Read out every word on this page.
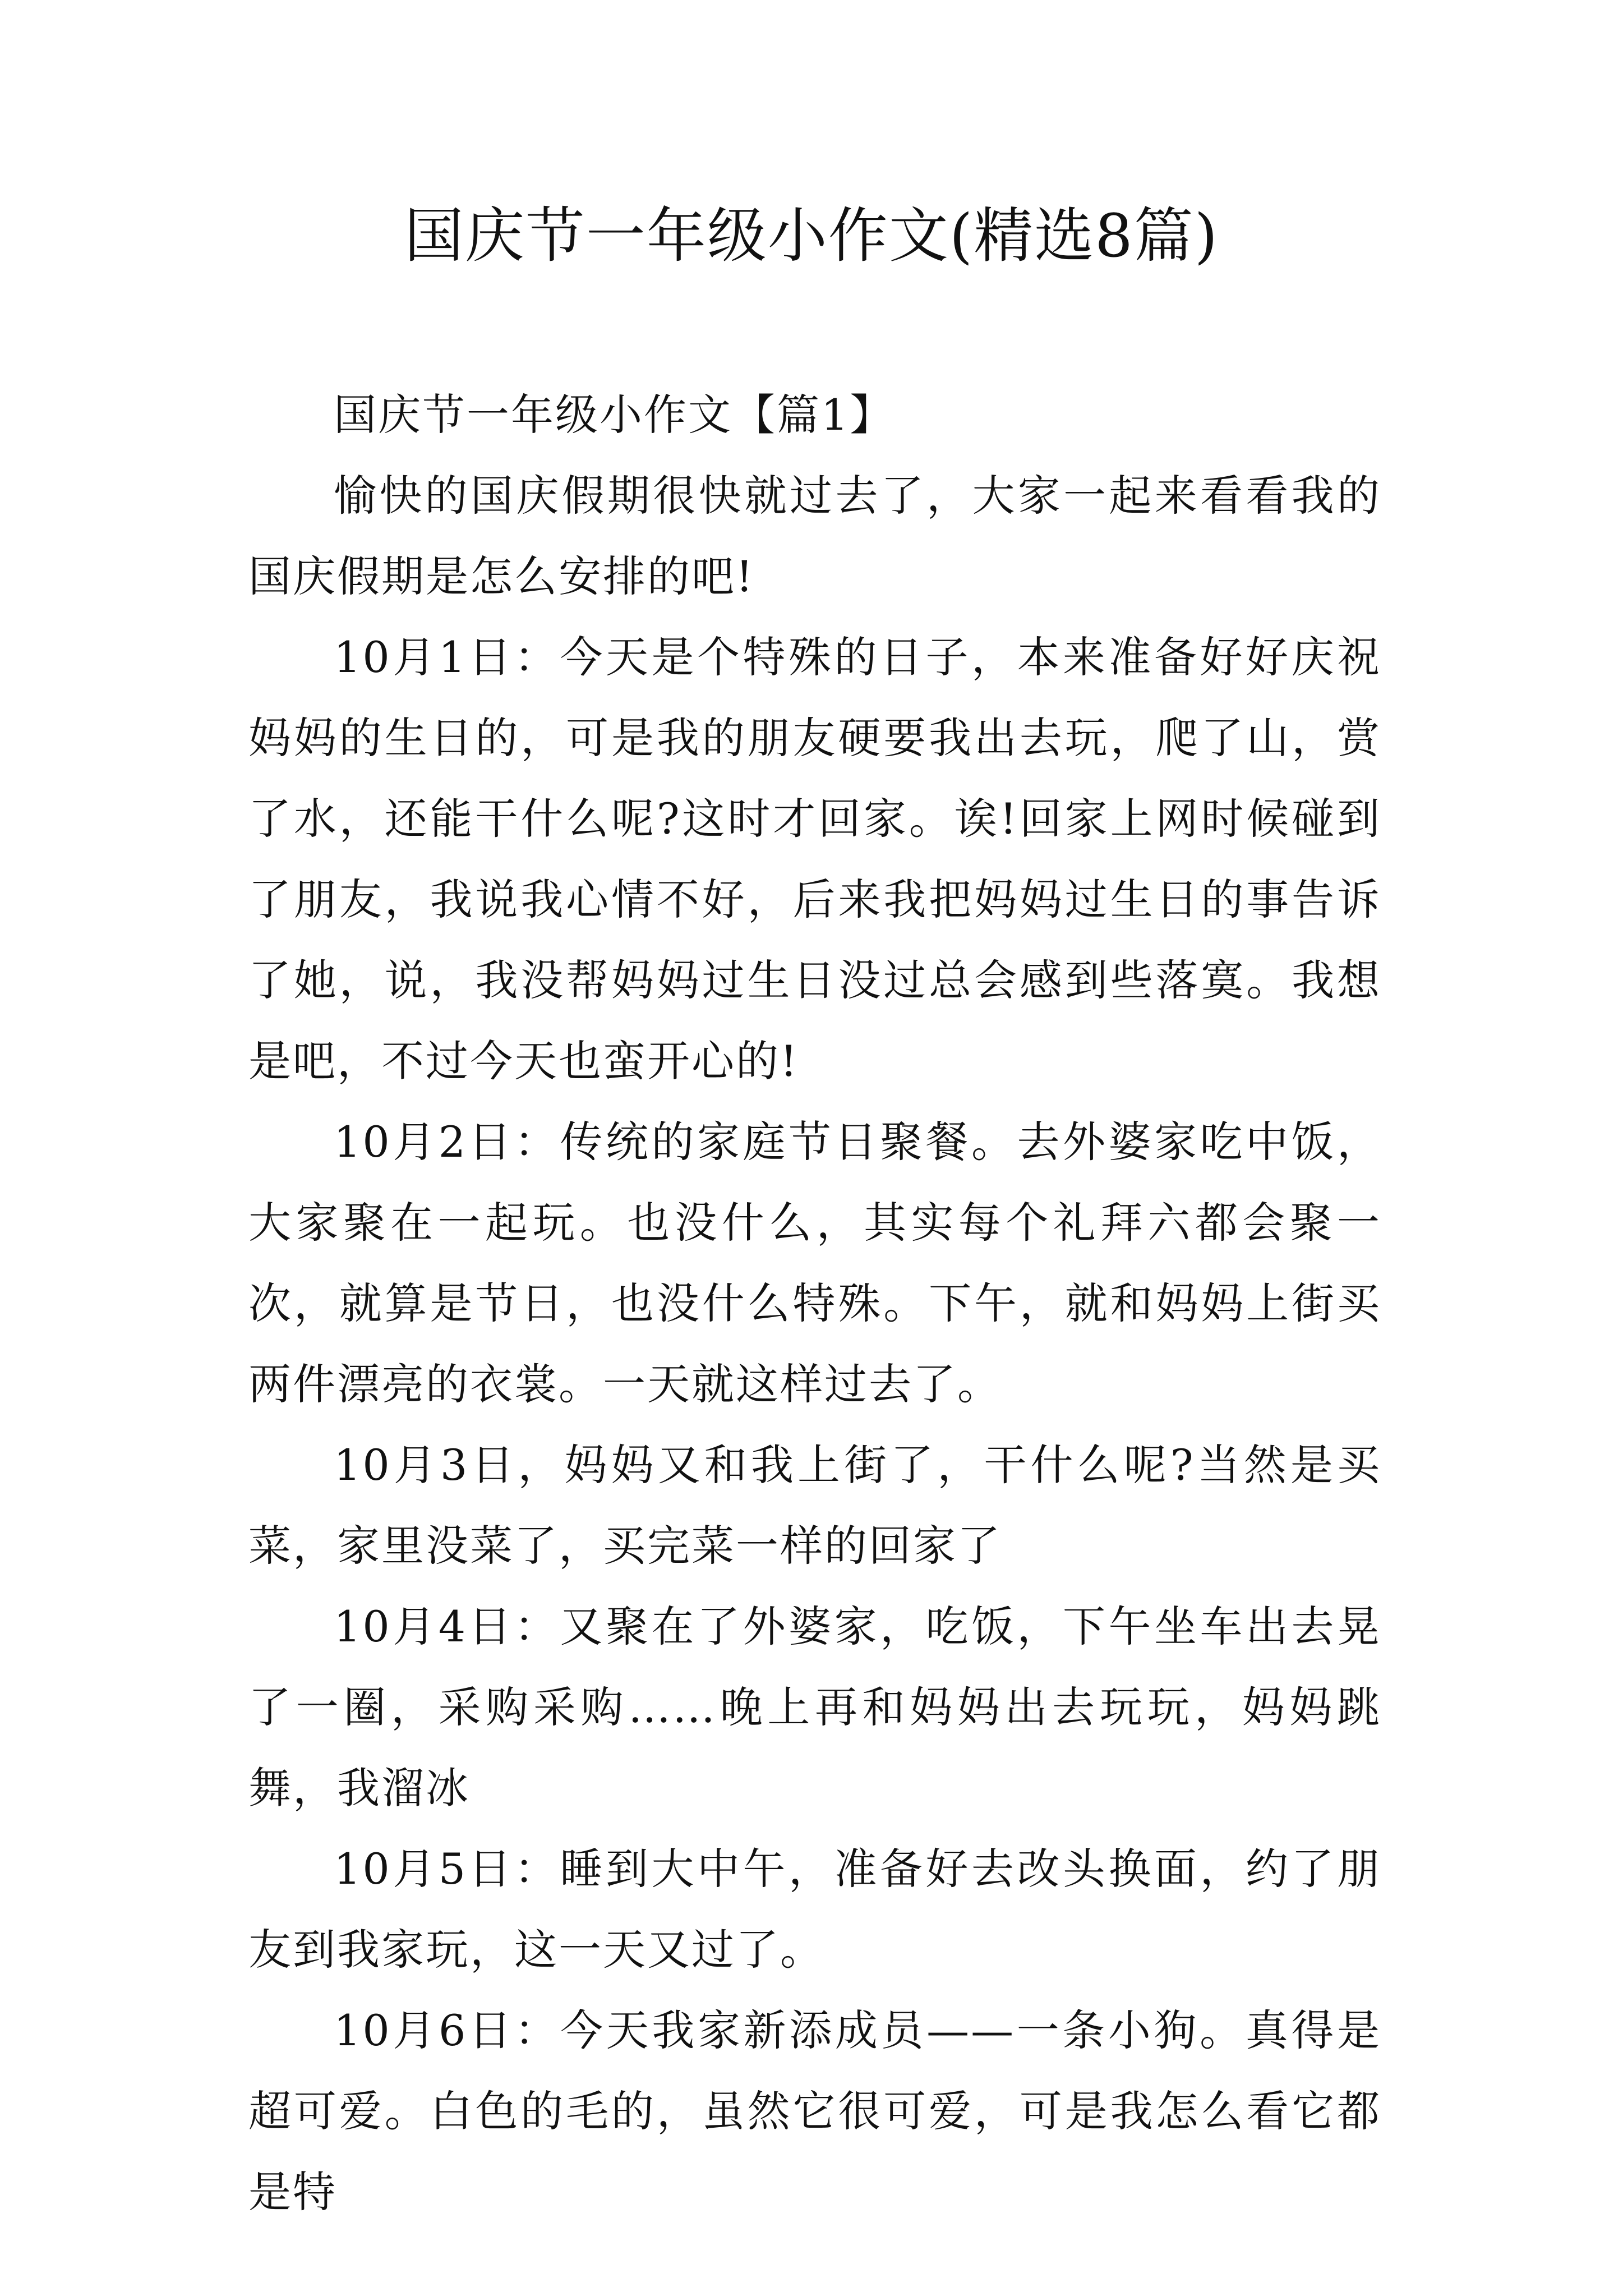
国庆节一年级小作文(精选8篇)

国庆节一年级小作文【篇1】

愉快的国庆假期很快就过去了，大家一起来看看我的国庆假期是怎么安排的吧!

10月1日：今天是个特殊的日子，本来准备好好庆祝妈妈的生日的，可是我的朋友硬要我出去玩，爬了山，赏了水，还能干什么呢?这时才回家。诶!回家上网时候碰到了朋友，我说我心情不好，后来我把妈妈过生日的事告诉了她，说，我没帮妈妈过生日没过总会感到些落寞。我想是吧，不过今天也蛮开心的!

10月2日：传统的家庭节日聚餐。去外婆家吃中饭，大家聚在一起玩。也没什么，其实每个礼拜六都会聚一次，就算是节日，也没什么特殊。下午，就和妈妈上街买两件漂亮的衣裳。一天就这样过去了。

10月3日，妈妈又和我上街了，干什么呢?当然是买菜，家里没菜了，买完菜一样的回家了

10月4日：又聚在了外婆家，吃饭，下午坐车出去晃了一圈，采购采购……晚上再和妈妈出去玩玩，妈妈跳舞，我溜冰

10月5日：睡到大中午，准备好去改头换面，约了朋友到我家玩，这一天又过了。

10月6日：今天我家新添成员——一条小狗。真得是超可爱。白色的毛的，虽然它很可爱，可是我怎么看它都是特
